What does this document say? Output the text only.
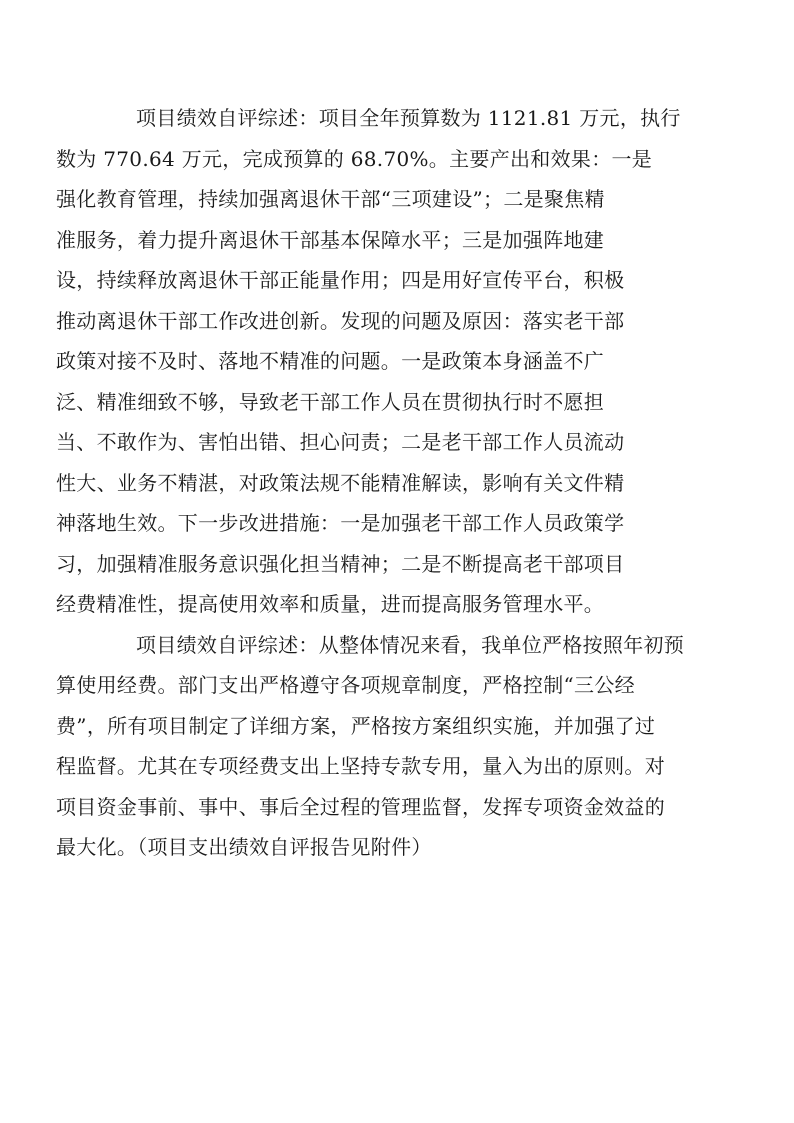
项目绩效自评综述：项目全年预算数为 1121.81 万元，执行
数为 770.64 万元，完成预算的 68.70%。主要产出和效果：一是
强化教育管理，持续加强离退休干部“三项建设”；二是聚焦精
准服务，着力提升离退休干部基本保障水平；三是加强阵地建
设，持续释放离退休干部正能量作用；四是用好宣传平台，积极
推动离退休干部工作改进创新。发现的问题及原因：落实老干部
政策对接不及时、落地不精准的问题。一是政策本身涵盖不广
泛、精准细致不够，导致老干部工作人员在贯彻执行时不愿担
当、不敢作为、害怕出错、担心问责；二是老干部工作人员流动
性大、业务不精湛，对政策法规不能精准解读，影响有关文件精
神落地生效。下一步改进措施：一是加强老干部工作人员政策学
习，加强精准服务意识强化担当精神；二是不断提高老干部项目
经费精准性，提高使用效率和质量，进而提高服务管理水平。

项目绩效自评综述：从整体情况来看，我单位严格按照年初预
算使用经费。部门支出严格遵守各项规章制度，严格控制“三公经
费”，所有项目制定了详细方案，严格按方案组织实施，并加强了过
程监督。尤其在专项经费支出上坚持专款专用，量入为出的原则。对
项目资金事前、事中、事后全过程的管理监督，发挥专项资金效益的
最大化。（项目支出绩效自评报告见附件）
